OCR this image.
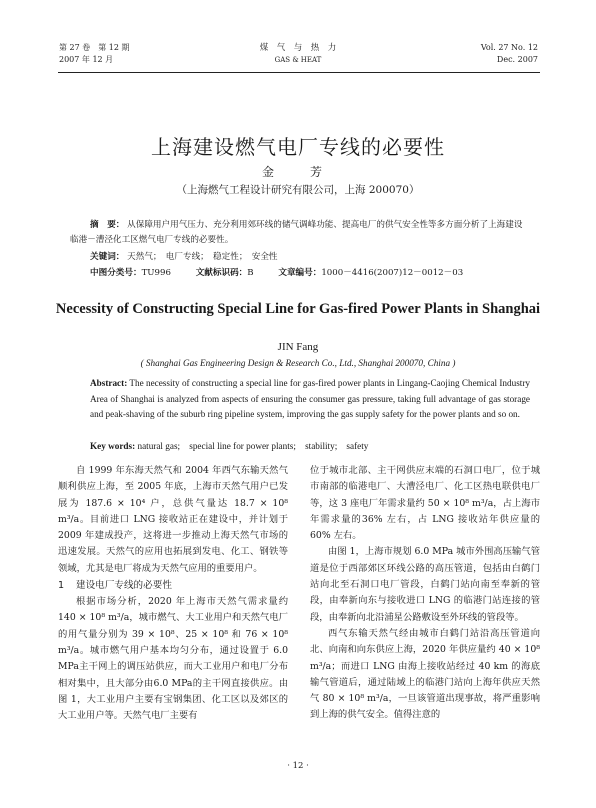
第 27 卷　第 12 期
2007 年 12 月
煤　气　与　热　力
GAS & HEAT
Vol. 27 No. 12
Dec. 2007
上海建设燃气电厂专线的必要性
金　芳
（上海燃气工程设计研究有限公司，上海 200070）
摘　要： 从保障用户用气压力、充分利用郊环线的储气调峰功能、提高电厂的供气安全性等多方面分析了上海建设临港－漕泾化工区燃气电厂专线的必要性。
关键词： 天然气；　电厂专线；　稳定性；　安全性
中图分类号：TU996	文献标识码：B	文章编号：1000－4416(2007)12－0012－03
Necessity of Constructing Special Line for Gas-fired Power Plants in Shanghai
JIN Fang
( Shanghai Gas Engineering Design & Research Co., Ltd., Shanghai 200070, China )
Abstract: The necessity of constructing a special line for gas-fired power plants in Lingang-Caojing Chemical Industry Area of Shanghai is analyzed from aspects of ensuring the consumer gas pressure, taking full advantage of gas storage and peak-shaving of the suburb ring pipeline system, improving the gas supply safety for the power plants and so on.
Key words: natural gas;　special line for power plants;　stability;　safety

自 1999 年东海天然气和 2004 年西气东输天然气顺利供应上海，至 2005 年底，上海市天然气用户已发展为 187.6 × 10⁴ 户，总供气量达 18.7 × 10⁸ m³/a。目前进口 LNG 接收站正在建设中，并计划于 2009 年建成投产，这将进一步推动上海天然气市场的迅速发展。天然气的应用也拓展到发电、化工、钢铁等领域，尤其是电厂将成为天然气应用的重要用户。

1 建设电厂专线的必要性

根据市场分析，2020 年上海市天然气需求量约 140 × 10⁸ m³/a，城市燃气、大工业用户和天然气电厂的用气量分别为 39 × 10⁸、25 × 10⁸ 和 76 × 10⁸ m³/a。城市燃气用户基本均匀分布，通过设置于 6.0 MPa主干网上的调压站供应，而大工业用户和电厂分布相对集中，且大部分由6.0 MPa的主干网直接供应。由图 1，大工业用户主要有宝钢集团、化工区以及郊区的大工业用户等。天然气电厂主要有

位于城市北部、主干网供应末端的石洞口电厂，位于城市南部的临港电厂、大漕泾电厂、化工区热电联供电厂等，这 3 座电厂年需求量约 50 × 10⁸ m³/a，占上海市年需求量的36% 左右，占 LNG 接收站年供应量的 60% 左右。

由图 1，上海市规划 6.0 MPa 城市外围高压输气管道是位于西部郊区环线公路的高压管道，包括由白鹤门站向北至石洞口电厂管段，白鹤门站向南至奉新的管段，由奉新向东与接收进口 LNG 的临港门站连接的管段，由奉新向北沿浦星公路敷设至外环线的管段等。

西气东输天然气经由城市白鹤门站沿高压管道向北、向南和向东供应上海，2020 年供应量约 40 × 10⁸ m³/a；而进口 LNG 由海上接收站经过 40 km 的海底输气管道后，通过陆域上的临港门站向上海年供应天然气 80 × 10⁸ m³/a，一旦该管道出现事故，将严重影响到上海的供气安全。值得注意的

· 12 ·
